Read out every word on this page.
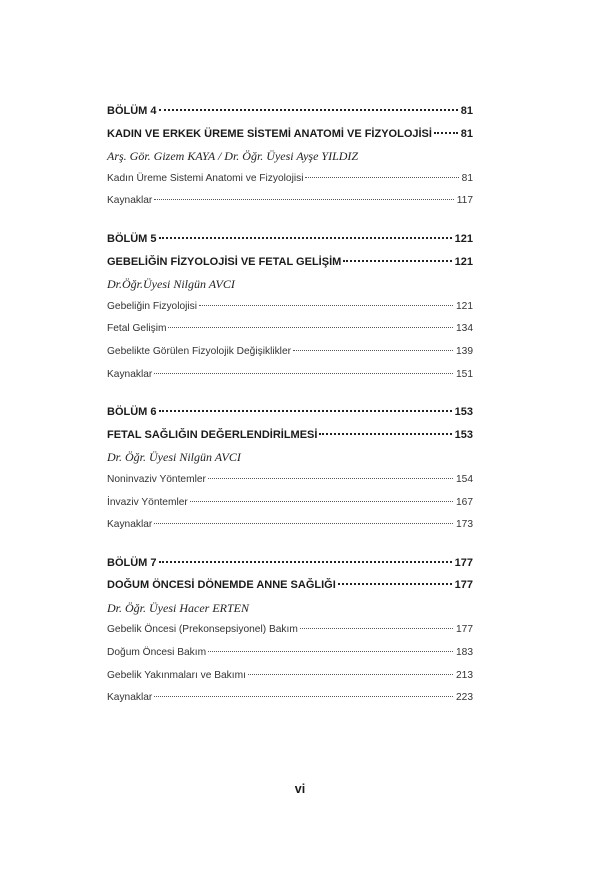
BÖLÜM 4	81
KADIN VE ERKEK ÜREME SİSTEMİ ANATOMİ VE FİZYOLOJİSİ	81
Arş. Gör. Gizem KAYA / Dr. Öğr. Üyesi Ayşe YILDIZ
Kadın Üreme Sistemi Anatomi ve Fizyolojisi	81
Kaynaklar	117
BÖLÜM 5	121
GEBELİĞİN FİZYOLOJİSİ VE FETAL GELİŞİM	121
Dr.Öğr.Üyesi Nilgün AVCI
Gebeliğin Fizyolojisi	121
Fetal Gelişim	134
Gebelikte Görülen Fizyolojik Değişiklikler	139
Kaynaklar	151
BÖLÜM 6	153
FETAL SAĞLIĞIN DEĞERLENDİRİLMESİ	153
Dr. Öğr. Üyesi Nilgün AVCI
Noninvaziv Yöntemler	154
İnvaziv Yöntemler	167
Kaynaklar	173
BÖLÜM 7	177
DOĞUM ÖNCESİ DÖNEMDE ANNE SAĞLIĞI	177
Dr. Öğr. Üyesi Hacer ERTEN
Gebelik Öncesi (Prekonsepsiyonel) Bakım	177
Doğum Öncesi Bakım	183
Gebelik Yakınmaları ve Bakımı	213
Kaynaklar	223
vi
